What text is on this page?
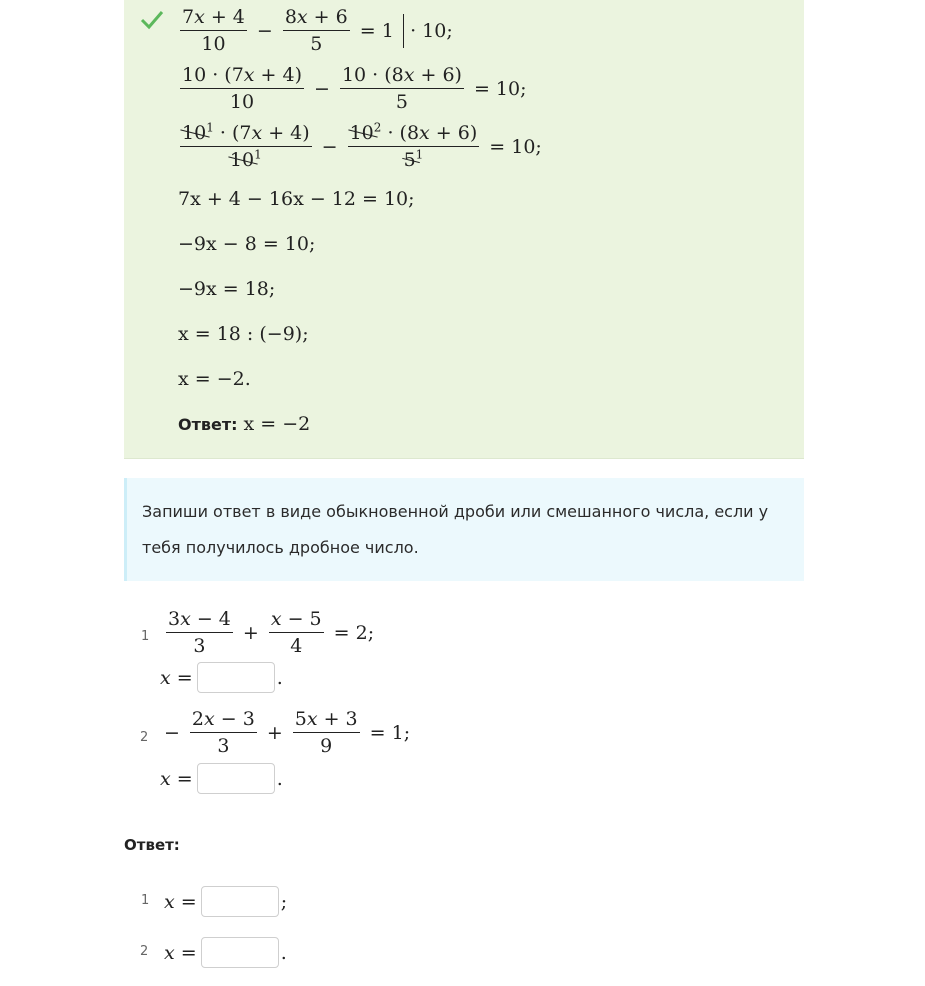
$\frac{7x + 4}{10} - \frac{8x + 6}{5} = 1 \cdot 10$;
$\frac{10 \cdot (7x + 4)}{10} - \frac{10 \cdot (8x + 6)}{5} = 10$;
$\frac{10^1 \cdot (7x + 4)}{10^1} - \frac{10^2 \cdot (8x + 6)}{5^1} = 10$;
7x + 4 − 16x − 12 = 10;
−9x − 8 = 10;
−9x = 18;
x = 18 : (−9);
x = −2.
Ответ: x = −2

Запиши ответ в виде обыкновенной дроби или смешанного числа, если у тебя получилось дробное число.

$1 \frac{3x - 4}{3} + \frac{x - 5}{4} = 2$;
x =	.
$2 - \frac{2x - 3}{3} + \frac{5x + 3}{9} = 1$;
x =	.
Ответ:
1 x =	;
2 x =	.
